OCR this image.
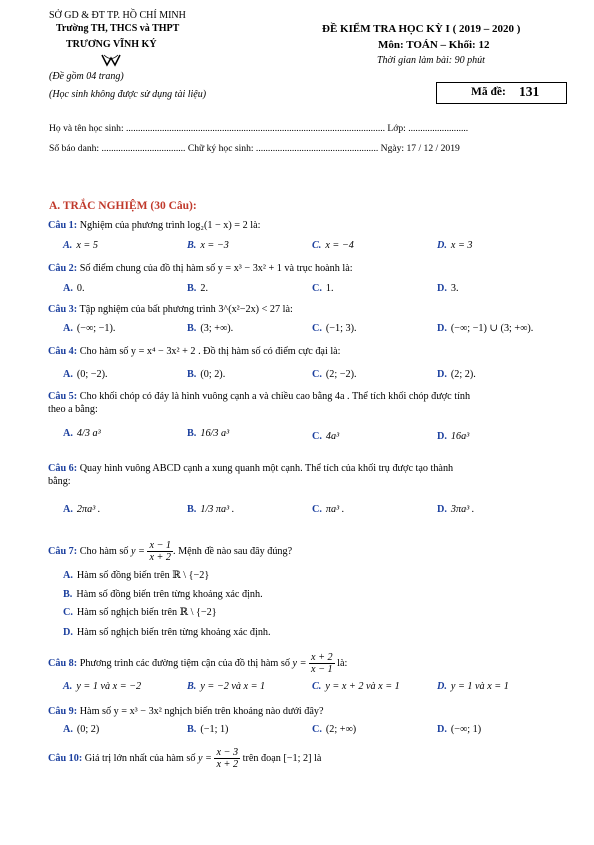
SỞ GD & ĐT TP. HỒ CHÍ MINH
Trường TH, THCS và THPT
TRƯƠNG VĨNH KÝ
(Đề gồm 04 trang)
(Học sinh không được sử dụng tài liệu)
ĐỀ KIỂM TRA HỌC KỲ I ( 2019 – 2020 )
Môn: TOÁN – Khối: 12
Thời gian làm bài: 90 phút
Mã đề: 131
Họ và tên học sinh: ............................................................................................................ Lớp: .........................
Số báo danh: ................................... Chữ ký học sinh: ................................................... Ngày: 17 / 12 / 2019
A. TRẮC NGHIỆM (30 Câu):
Câu 1: Nghiệm của phương trình log₂(1 − x) = 2 là:
A. x = 5	B. x = −3	C. x = −4	D. x = 3
Câu 2: Số điểm chung của đồ thị hàm số y = x³ − 3x² + 1 và trục hoành là:
A. 0.	B. 2.	C. 1.	D. 3.
Câu 3: Tập nghiệm của bất phương trình 3^(x²−2x) < 27 là:
A. (−∞; −1).	B. (3; +∞).	C. (−1; 3).	D. (−∞; −1) ∪ (3; +∞).
Câu 4: Cho hàm số y = x⁴ − 3x² + 2 . Đồ thị hàm số có điểm cực đại là:
A. (0; −2).	B. (0; 2).	C. (2; −2).	D. (2; 2).
Câu 5: Cho khối chóp có đáy là hình vuông cạnh a và chiều cao bằng 4a . Thể tích khối chóp được tính
theo a bằng:
A. 4/3 a³	B. 16/3 a³	C. 4a³	D. 16a³
Câu 6: Quay hình vuông ABCD cạnh a xung quanh một cạnh. Thể tích của khối trụ được tạo thành
bằng:
A. 2πa³ .	B. 1/3 πa³ .	C. πa³ .	D. 3πa³ .
Câu 7: Cho hàm số $y = \frac{x - 1}{x + 2}$ . Mệnh đề nào sau đây đúng?
A. Hàm số đồng biến trên ℝ \ {−2}
B. Hàm số đồng biến trên từng khoảng xác định.
C. Hàm số nghịch biến trên ℝ \ {−2}
D. Hàm số nghịch biến trên từng khoảng xác định.
Câu 8: Phương trình các đường tiệm cận của đồ thị hàm số $y = \frac{x + 2}{x - 1}$ là:
A. y = 1 và x = −2	B. y = −2 và x = 1	C. y = x + 2 và x = 1	D. y = 1 và x = 1
Câu 9: Hàm số y = x³ − 3x² nghịch biến trên khoảng nào dưới đây?
A. (0; 2)	B. (−1; 1)	C. (2; +∞)	D. (−∞; 1)
Câu 10: Giá trị lớn nhất của hàm số $y = \frac{x - 3}{x + 2}$ trên đoạn [−1; 2] là
